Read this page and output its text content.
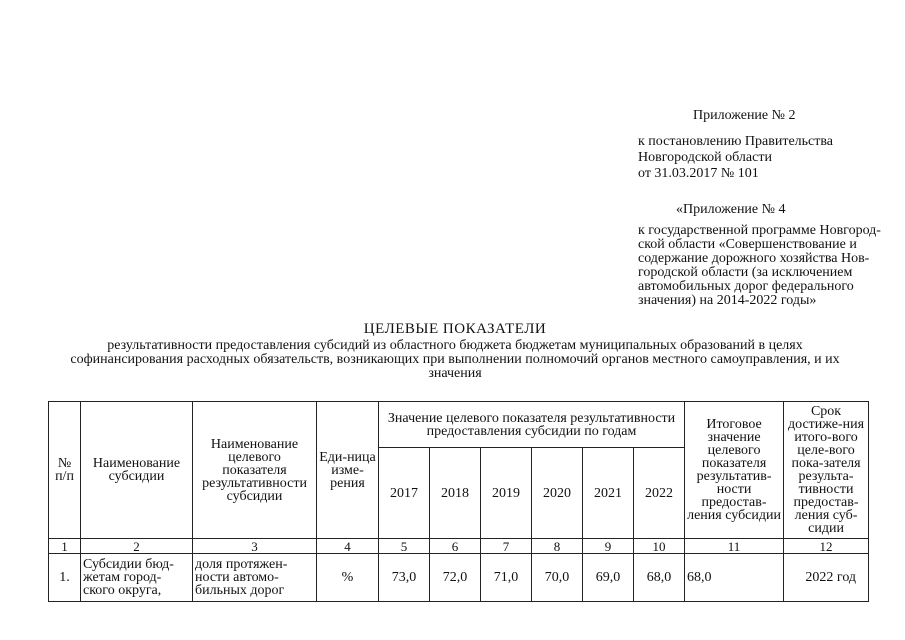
Приложение № 2
к постановлению Правительства
Новгородской области
от 31.03.2017 № 101
«Приложение № 4
к государственной программе Новгород-
ской области «Совершенствование и
содержание дорожного хозяйства Нов-
городской области (за исключением
автомобильных дорог федерального
значения) на 2014-2022 годы»
ЦЕЛЕВЫЕ ПОКАЗАТЕЛИ
результативности предоставления субсидий из областного бюджета бюджетам муниципальных образований в целях софинансирования расходных обязательств, возникающих при выполнении полномочий органов местного самоуправления, и их значения
№ п/п	Наименование субсидии	Наименование целевого показателя результативности субсидии	Еди-ница изме-рения	Значение целевого показателя результативности предоставления субсидии по годам						Итоговое значение целевого показателя результатив-ности предостав-ления субсидии	Срок достиже-ния итого-вого целе-вого пока-зателя результа-тивности предостав-ления суб-сидии
				2017	2018	2019	2020	2021	2022		
1	2	3	4	5	6	7	8	9	10	11	12
1.	Субсидии бюд-жетам город-ского округа,	доля протяжен-ности автомо-бильных дорог	%	73,0	72,0	71,0	70,0	69,0	68,0	68,0	2022 год
